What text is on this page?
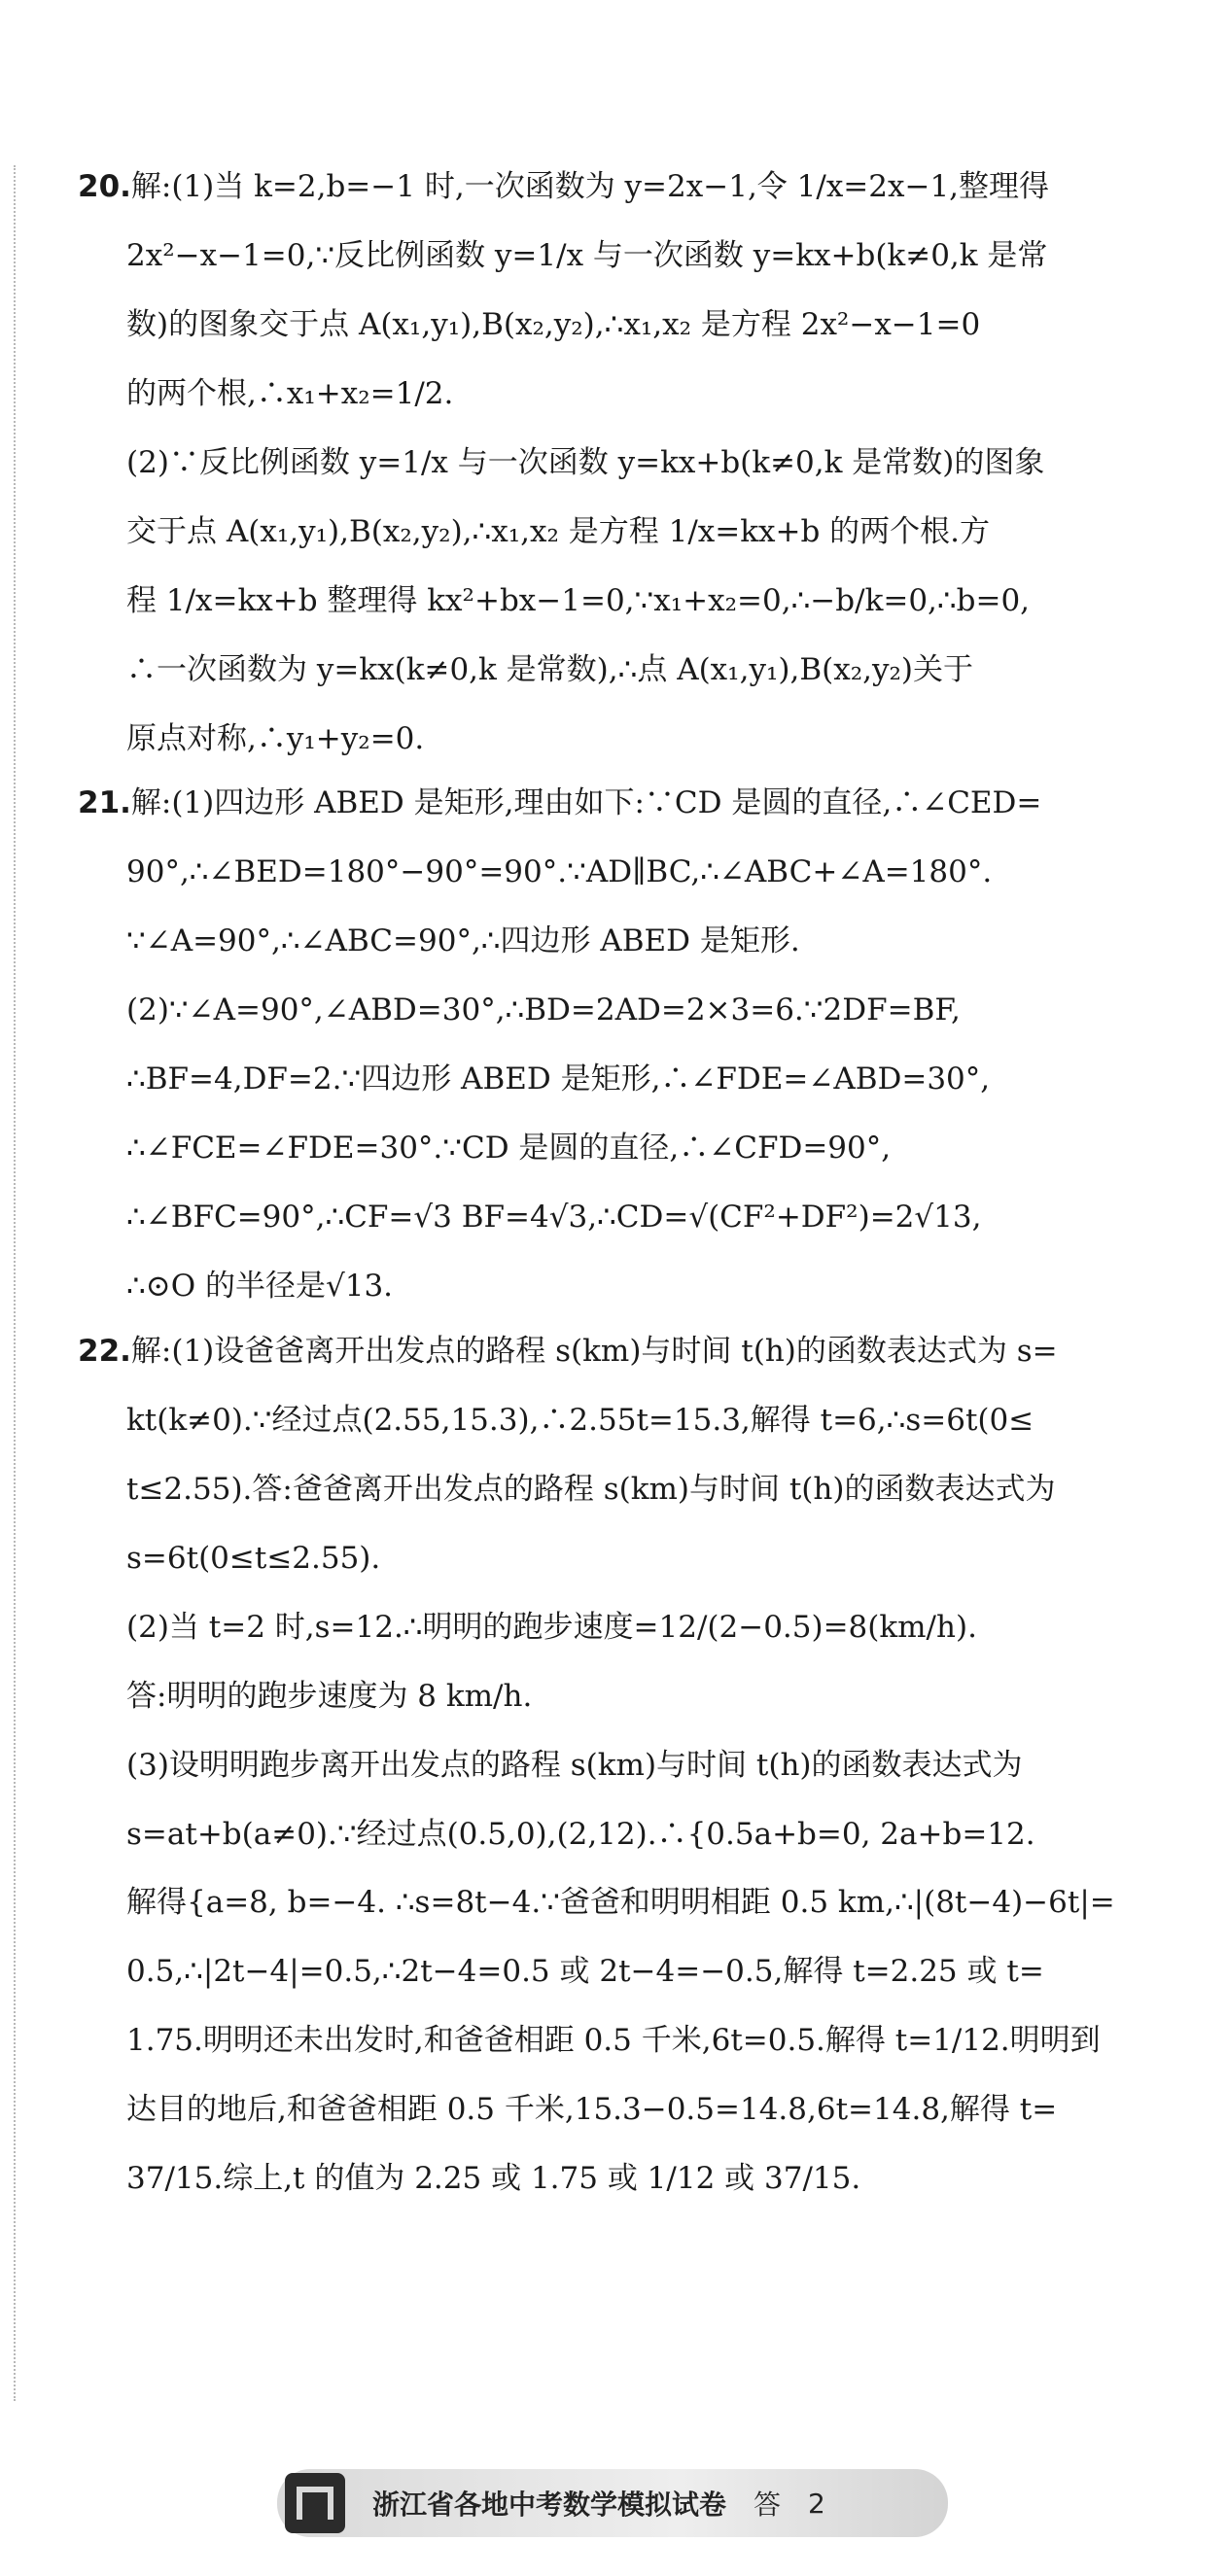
20.解:(1)当 k=2,b=−1 时,一次函数为 y=2x−1,令 1/x=2x−1,整理得

2x²−x−1=0,∵反比例函数 y=1/x 与一次函数 y=kx+b(k≠0,k 是常

数)的图象交于点 A(x₁,y₁),B(x₂,y₂),∴x₁,x₂ 是方程 2x²−x−1=0

的两个根,∴x₁+x₂=1/2.

(2)∵反比例函数 y=1/x 与一次函数 y=kx+b(k≠0,k 是常数)的图象

交于点 A(x₁,y₁),B(x₂,y₂),∴x₁,x₂ 是方程 1/x=kx+b 的两个根.方

程 1/x=kx+b 整理得 kx²+bx−1=0,∵x₁+x₂=0,∴−b/k=0,∴b=0,

∴一次函数为 y=kx(k≠0,k 是常数),∴点 A(x₁,y₁),B(x₂,y₂)关于

原点对称,∴y₁+y₂=0.

21.解:(1)四边形 ABED 是矩形,理由如下:∵CD 是圆的直径,∴∠CED=

90°,∴∠BED=180°−90°=90°.∵AD∥BC,∴∠ABC+∠A=180°.

∵∠A=90°,∴∠ABC=90°,∴四边形 ABED 是矩形.

(2)∵∠A=90°,∠ABD=30°,∴BD=2AD=2×3=6.∵2DF=BF,

∴BF=4,DF=2.∵四边形 ABED 是矩形,∴∠FDE=∠ABD=30°,

∴∠FCE=∠FDE=30°.∵CD 是圆的直径,∴∠CFD=90°,

∴∠BFC=90°,∴CF=√3 BF=4√3,∴CD=√(CF²+DF²)=2√13,

∴⊙O 的半径是√13.

22.解:(1)设爸爸离开出发点的路程 s(km)与时间 t(h)的函数表达式为 s=

kt(k≠0).∵经过点(2.55,15.3),∴2.55t=15.3,解得 t=6,∴s=6t(0≤

t≤2.55).答:爸爸离开出发点的路程 s(km)与时间 t(h)的函数表达式为

s=6t(0≤t≤2.55).

(2)当 t=2 时,s=12.∴明明的跑步速度=12/(2−0.5)=8(km/h).

答:明明的跑步速度为 8 km/h.

(3)设明明跑步离开出发点的路程 s(km)与时间 t(h)的函数表达式为

s=at+b(a≠0).∵经过点(0.5,0),(2,12).∴{0.5a+b=0, 2a+b=12.

解得{a=8, b=−4. ∴s=8t−4.∵爸爸和明明相距 0.5 km,∴|(8t−4)−6t|=

0.5,∴|2t−4|=0.5,∴2t−4=0.5 或 2t−4=−0.5,解得 t=2.25 或 t=

1.75.明明还未出发时,和爸爸相距 0.5 千米,6t=0.5.解得 t=1/12.明明到

达目的地后,和爸爸相距 0.5 千米,15.3−0.5=14.8,6t=14.8,解得 t=

37/15.综上,t 的值为 2.25 或 1.75 或 1/12 或 37/15.

浙江省各地中考数学模拟试卷 答 2
